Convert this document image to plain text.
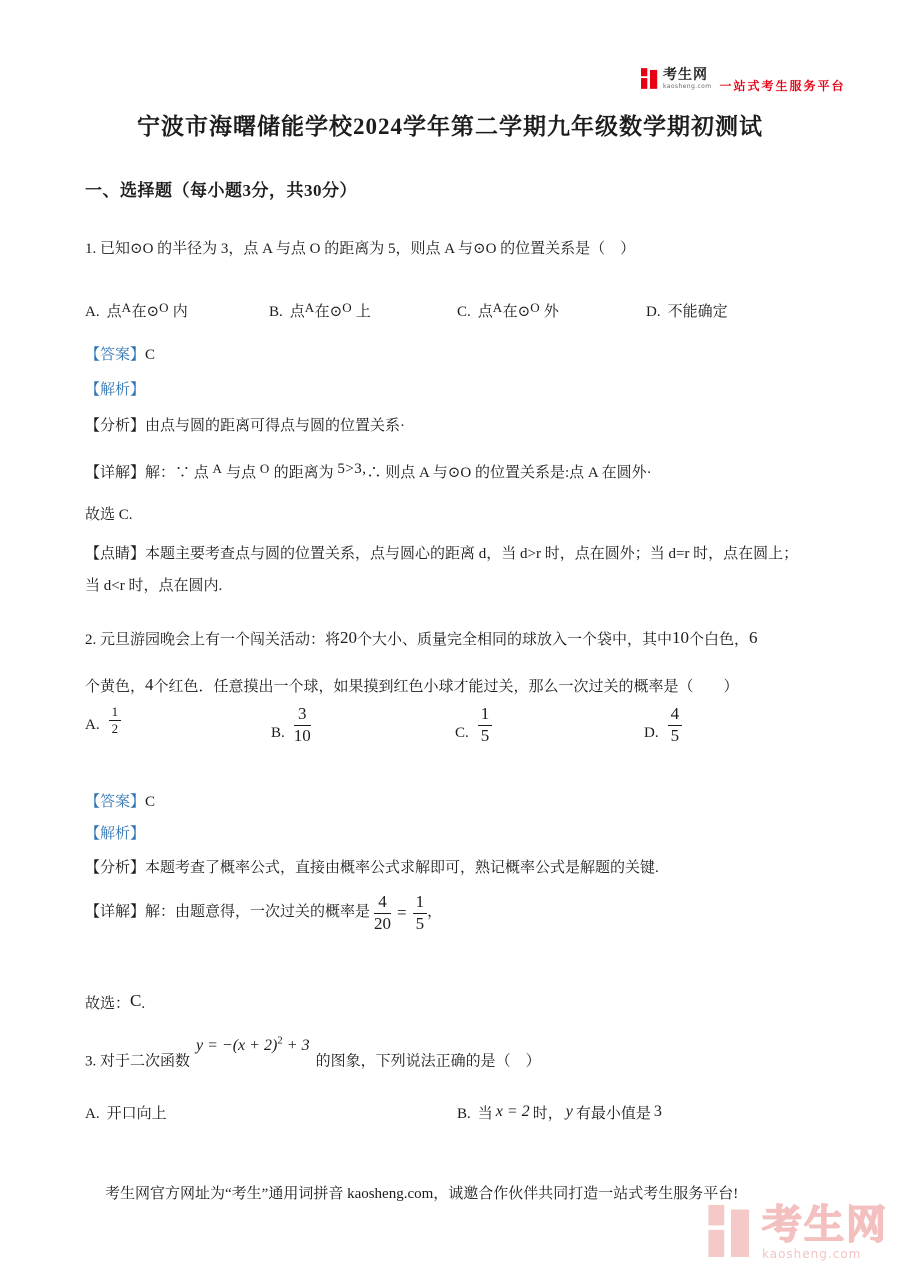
考生网
kaosheng.com 一站式考生服务平台
宁波市海曙储能学校2024学年第二学期九年级数学期初测试
一、选择题（每小题3分，共30分）
1. 已知⊙O 的半径为 3，点 A 与点 O 的距离为 5，则点 A 与⊙O 的位置关系是（　）
A. 点A在⊙O 内	B. 点A在⊙O 上	C. 点A在⊙O 外	D. 不能确定
【答案】C
【解析】
【分析】由点与圆的距离可得点与圆的位置关系·
【详解】解：∵ 点 A 与点 O 的距离为 5>3,∴ 则点 A 与⊙O 的位置关系是:点 A 在圆外·
故选 C.
【点睛】本题主要考查点与圆的位置关系，点与圆心的距离 d，当 d>r 时，点在圆外；当 d=r 时，点在圆上；
当 d<r 时，点在圆内.
2. 元旦游园晚会上有一个闯关活动：将20个大小、质量完全相同的球放入一个袋中，其中10个白色，6
个黄色，4个红色．任意摸出一个球，如果摸到红色小球才能过关，那么一次过关的概率是（　　）
A. $\frac{1}{2}$	B. $\frac{3}{10}$	C. $\frac{1}{5}$	D. $\frac{4}{5}$
【答案】C
【解析】
【分析】本题考查了概率公式，直接由概率公式求解即可，熟记概率公式是解题的关键.
【详解】解：由题意得，一次过关的概率是 $\frac{4}{20} = \frac{1}{5}$ ，
故选：C.
3. 对于二次函数$y = -(x + 2)^2 + 3$的图象，下列说法正确的是（　）
A. 开口向上	B. 当 x = 2 时， y 有最小值是 3
考生网官方网址为“考生”通用词拼音 kaosheng.com，诚邀合作伙伴共同打造一站式考生服务平台!
考生网
kaosheng.com
